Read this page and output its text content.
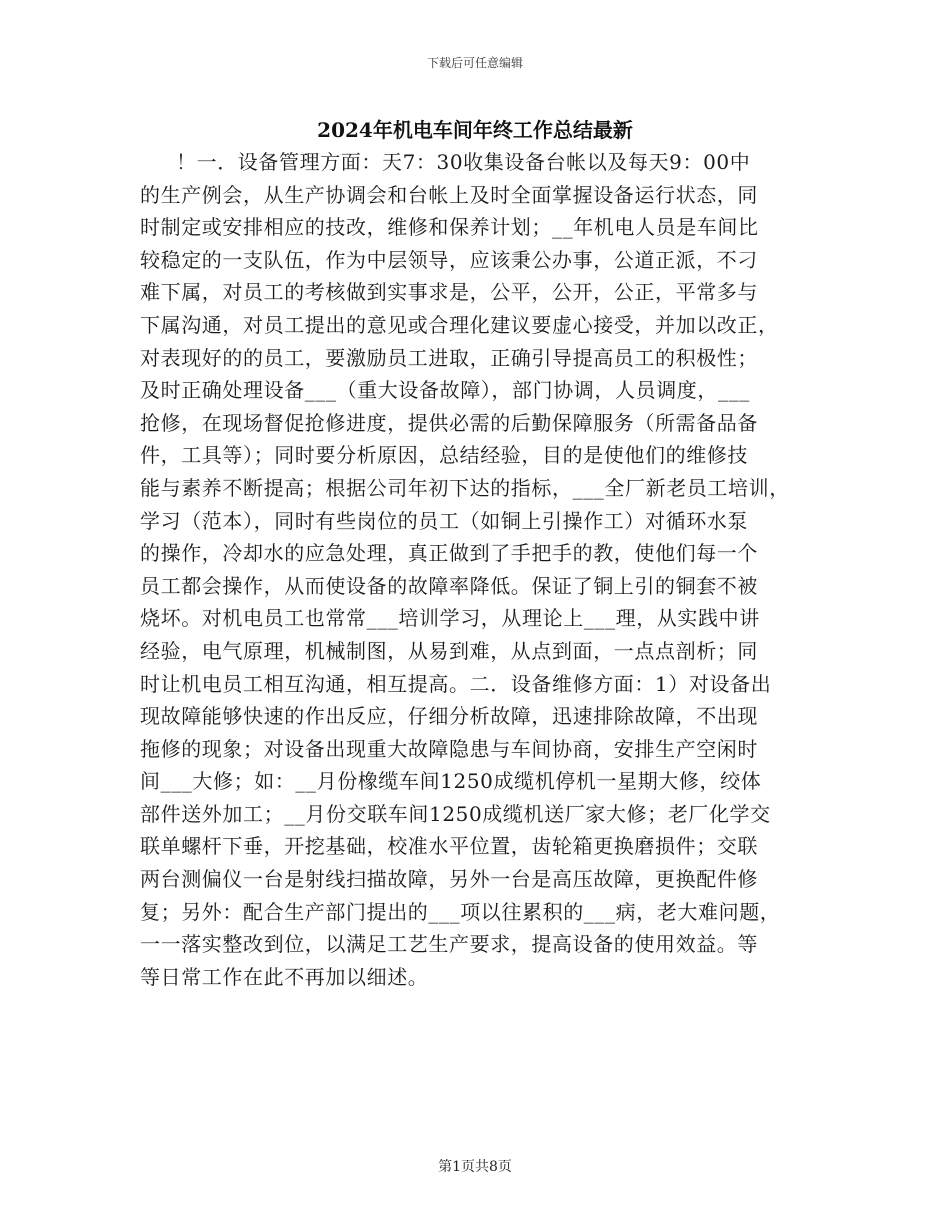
下载后可任意编辑
2024年机电车间年终工作总结最新
！一．设备管理方面：天7：30收集设备台帐以及每天9：00中
的生产例会，从生产协调会和台帐上及时全面掌握设备运行状态，同
时制定或安排相应的技改，维修和保养计划；__年机电人员是车间比
较稳定的一支队伍，作为中层领导，应该秉公办事，公道正派，不刁
难下属，对员工的考核做到实事求是，公平，公开，公正，平常多与
下属沟通，对员工提出的意见或合理化建议要虚心接受，并加以改正，
对表现好的的员工，要激励员工进取，正确引导提高员工的积极性；
及时正确处理设备___（重大设备故障），部门协调，人员调度，___
抢修，在现场督促抢修进度，提供必需的后勤保障服务（所需备品备
件，工具等）；同时要分析原因，总结经验，目的是使他们的维修技
能与素养不断提高；根据公司年初下达的指标，___全厂新老员工培训，
学习（范本），同时有些岗位的员工（如铜上引操作工）对循环水泵
的操作，冷却水的应急处理，真正做到了手把手的教，使他们每一个
员工都会操作，从而使设备的故障率降低。保证了铜上引的铜套不被
烧坏。对机电员工也常常___培训学习，从理论上___理，从实践中讲
经验，电气原理，机械制图，从易到难，从点到面，一点点剖析；同
时让机电员工相互沟通，相互提高。二．设备维修方面：1）对设备出
现故障能够快速的作出反应，仔细分析故障，迅速排除故障，不出现
拖修的现象；对设备出现重大故障隐患与车间协商，安排生产空闲时
间___大修；如：__月份橡缆车间1250成缆机停机一星期大修，绞体
部件送外加工；__月份交联车间1250成缆机送厂家大修；老厂化学交
联单螺杆下垂，开挖基础，校准水平位置，齿轮箱更换磨损件；交联
两台测偏仪一台是射线扫描故障，另外一台是高压故障，更换配件修
复；另外：配合生产部门提出的___项以往累积的___病，老大难问题，
一一落实整改到位，以满足工艺生产要求，提高设备的使用效益。等
等日常工作在此不再加以细述。
第1页共8页
